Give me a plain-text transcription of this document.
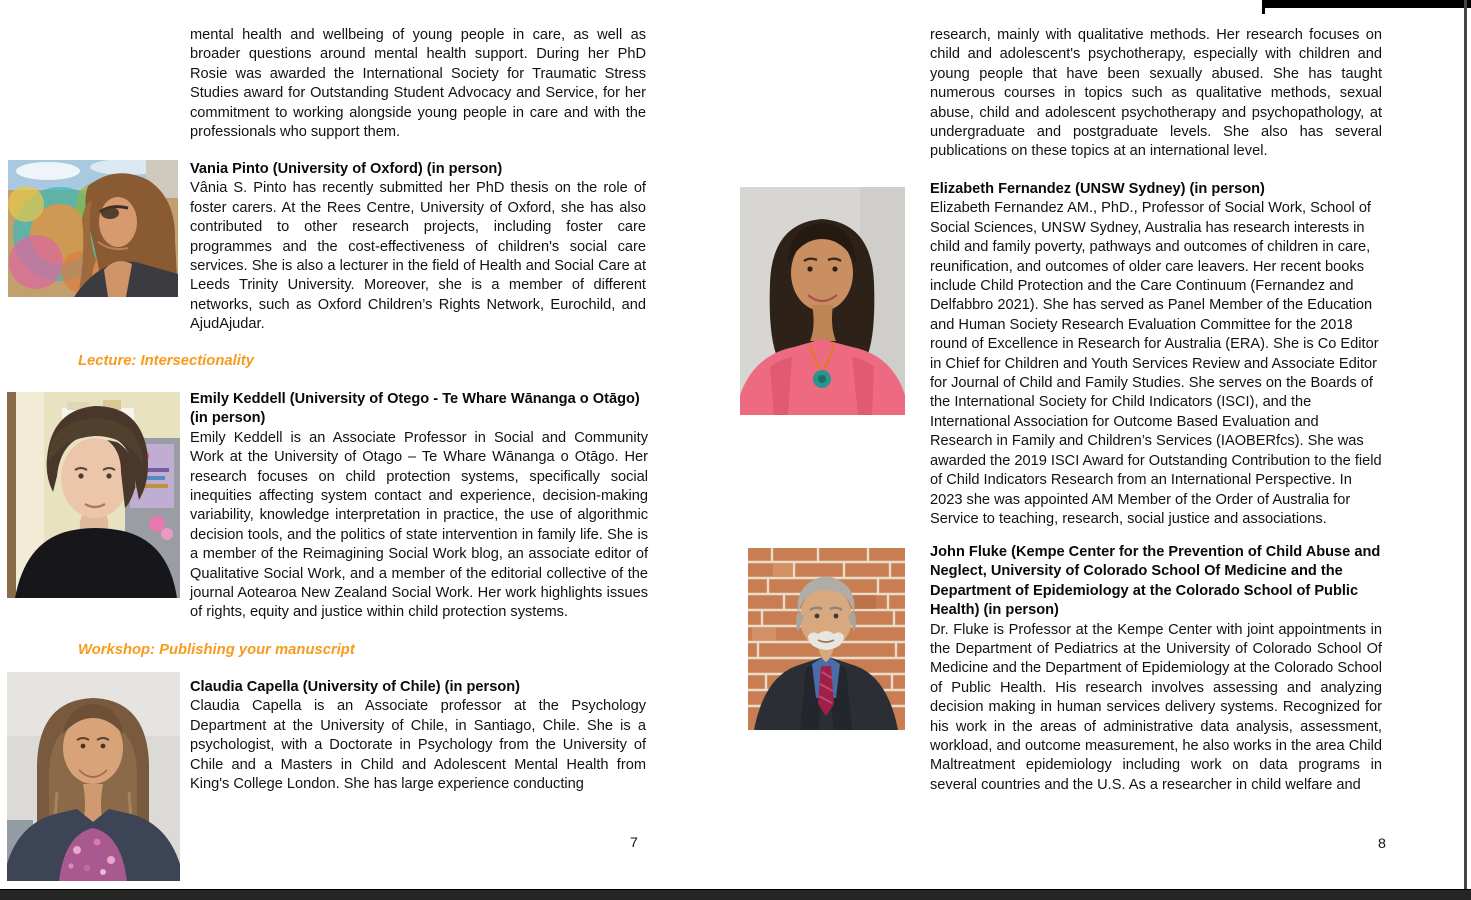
mental health and wellbeing of young people in care, as well as broader questions around mental health support. During her PhD Rosie was awarded the International Society for Traumatic Stress Studies award for Outstanding Student Advocacy and Service, for her commitment to working alongside young people in care and with the professionals who support them.
Vania Pinto (University of Oxford) (in person)
Vânia S. Pinto has recently submitted her PhD thesis on the role of foster carers. At the Rees Centre, University of Oxford, she has also contributed to other research projects, including foster care programmes and the cost-effectiveness of children's social care services. She is also a lecturer in the field of Health and Social Care at Leeds Trinity University. Moreover, she is a member of different networks, such as Oxford Children’s Rights Network, Eurochild, and AjudAjudar.
Lecture: Intersectionality
Emily Keddell (University of Otego - Te Whare Wānanga o Otāgo) (in person)
Emily Keddell is an Associate Professor in Social and Community Work at the University of Otago – Te Whare Wānanga o Otāgo. Her research focuses on child protection systems, specifically social inequities affecting system contact and experience, decision-making variability, knowledge interpretation in practice, the use of algorithmic decision tools, and the politics of state intervention in family life. She is a member of the Reimagining Social Work blog, an associate editor of Qualitative Social Work, and a member of the editorial collective of the journal Aotearoa New Zealand Social Work. Her work highlights issues of rights, equity and justice within child protection systems.
Workshop: Publishing your manuscript
Claudia Capella (University of Chile) (in person)
Claudia Capella is an Associate professor at the Psychology Department at the University of Chile, in Santiago, Chile. She is a psychologist, with a Doctorate in Psychology from the University of Chile and a Masters in Child and Adolescent Mental Health from King's College London. She has large experience conducting
7
research, mainly with qualitative methods. Her research focuses on child and adolescent's psychotherapy, especially with children and young people that have been sexually abused. She has taught numerous courses in topics such as qualitative methods, sexual abuse, child and adolescent psychotherapy and psychopathology, at undergraduate and postgraduate levels. She also has several publications on these topics at an international level.
Elizabeth Fernandez (UNSW Sydney) (in person)
Elizabeth Fernandez AM., PhD., Professor of Social Work, School of Social Sciences, UNSW Sydney, Australia has research interests in child and family poverty, pathways and outcomes of children in care, reunification, and outcomes of older care leavers. Her recent books include Child Protection and the Care Continuum (Fernandez and Delfabbro 2021). She has served as Panel Member of the Education and Human Society Research Evaluation Committee for the 2018 round of Excellence in Research for Australia (ERA). She is Co Editor in Chief for Children and Youth Services Review and Associate Editor for Journal of Child and Family Studies. She serves on the Boards of the International Society for Child Indicators (ISCI), and the International Association for Outcome Based Evaluation and Research in Family and Children’s Services (IAOBERfcs). She was awarded the 2019 ISCI Award for Outstanding Contribution to the field of Child Indicators Research from an International Perspective. In 2023 she was appointed AM Member of the Order of Australia for Service to teaching, research, social justice and associations.
John Fluke (Kempe Center for the Prevention of Child Abuse and Neglect, University of Colorado School Of Medicine and the Department of Epidemiology at the Colorado School of Public Health) (in person)
Dr. Fluke is Professor at the Kempe Center with joint appointments in the Department of Pediatrics at the University of Colorado School Of Medicine and the Department of Epidemiology at the Colorado School of Public Health. His research involves assessing and analyzing decision making in human services delivery systems. Recognized for his work in the areas of administrative data analysis, assessment, workload, and outcome measurement, he also works in the area Child Maltreatment epidemiology including work on data programs in several countries and the U.S. As a researcher in child welfare and
8
